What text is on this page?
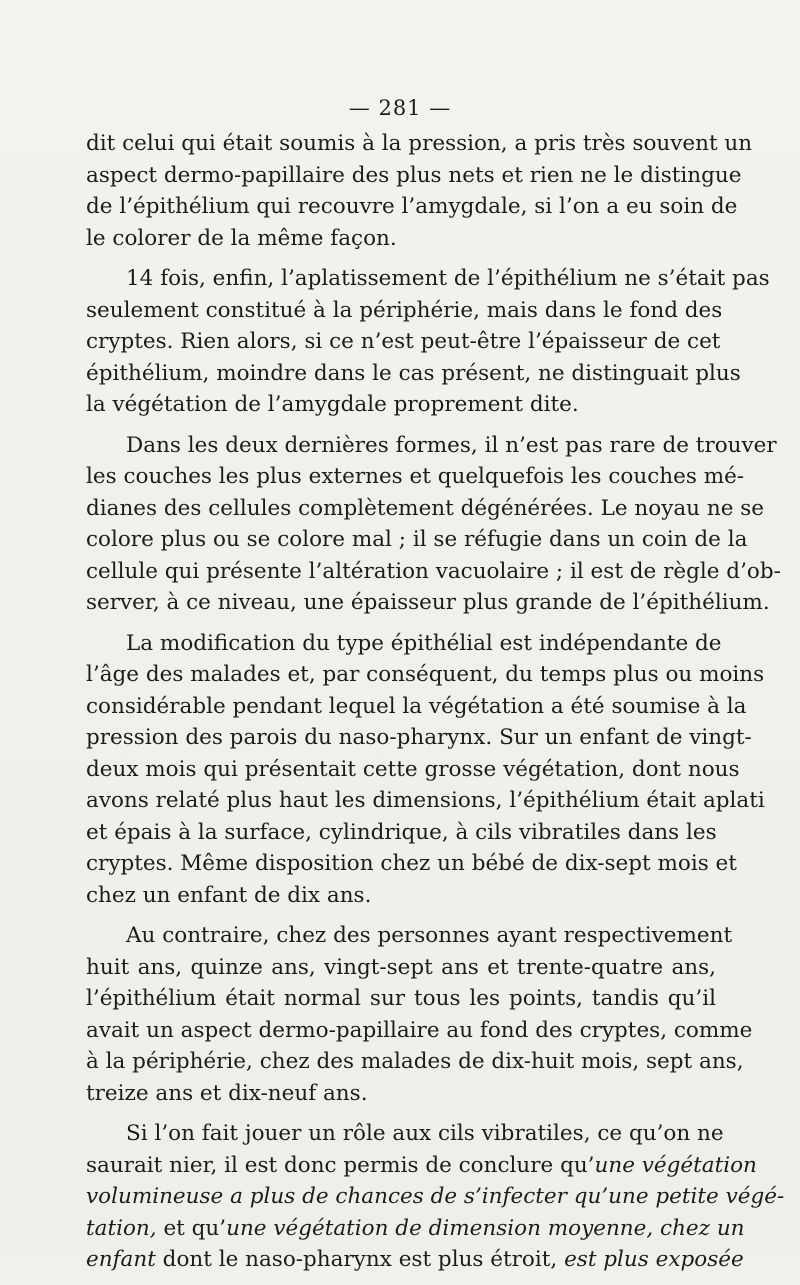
— 281 —
dit celui qui était soumis à la pression, a pris très souvent un
aspect dermo-papillaire des plus nets et rien ne le distingue
de l’épithélium qui recouvre l’amygdale, si l’on a eu soin de
le colorer de la même façon.
14 fois, enfin, l’aplatissement de l’épithélium ne s’était pas
seulement constitué à la périphérie, mais dans le fond des
cryptes. Rien alors, si ce n’est peut-être l’épaisseur de cet
épithélium, moindre dans le cas présent, ne distinguait plus
la végétation de l’amygdale proprement dite.
Dans les deux dernières formes, il n’est pas rare de trouver
les couches les plus externes et quelquefois les couches mé-
dianes des cellules complètement dégénérées. Le noyau ne se
colore plus ou se colore mal ; il se réfugie dans un coin de la
cellule qui présente l’altération vacuolaire ; il est de règle d’ob-
server, à ce niveau, une épaisseur plus grande de l’épithélium.
La modification du type épithélial est indépendante de
l’âge des malades et, par conséquent, du temps plus ou moins
considérable pendant lequel la végétation a été soumise à la
pression des parois du naso-pharynx. Sur un enfant de vingt-
deux mois qui présentait cette grosse végétation, dont nous
avons relaté plus haut les dimensions, l’épithélium était aplati
et épais à la surface, cylindrique, à cils vibratiles dans les
cryptes. Même disposition chez un bébé de dix-sept mois et
chez un enfant de dix ans.
Au contraire, chez des personnes ayant respectivement
huit ans, quinze ans, vingt-sept ans et trente-quatre ans,
l’épithélium était normal sur tous les points, tandis qu’il
avait un aspect dermo-papillaire au fond des cryptes, comme
à la périphérie, chez des malades de dix-huit mois, sept ans,
treize ans et dix-neuf ans.
Si l’on fait jouer un rôle aux cils vibratiles, ce qu’on ne
saurait nier, il est donc permis de conclure qu’une végétation
volumineuse a plus de chances de s’infecter qu’une petite végé-
tation, et qu’une végétation de dimension moyenne, chez un
enfant dont le naso-pharynx est plus étroit, est plus exposée
